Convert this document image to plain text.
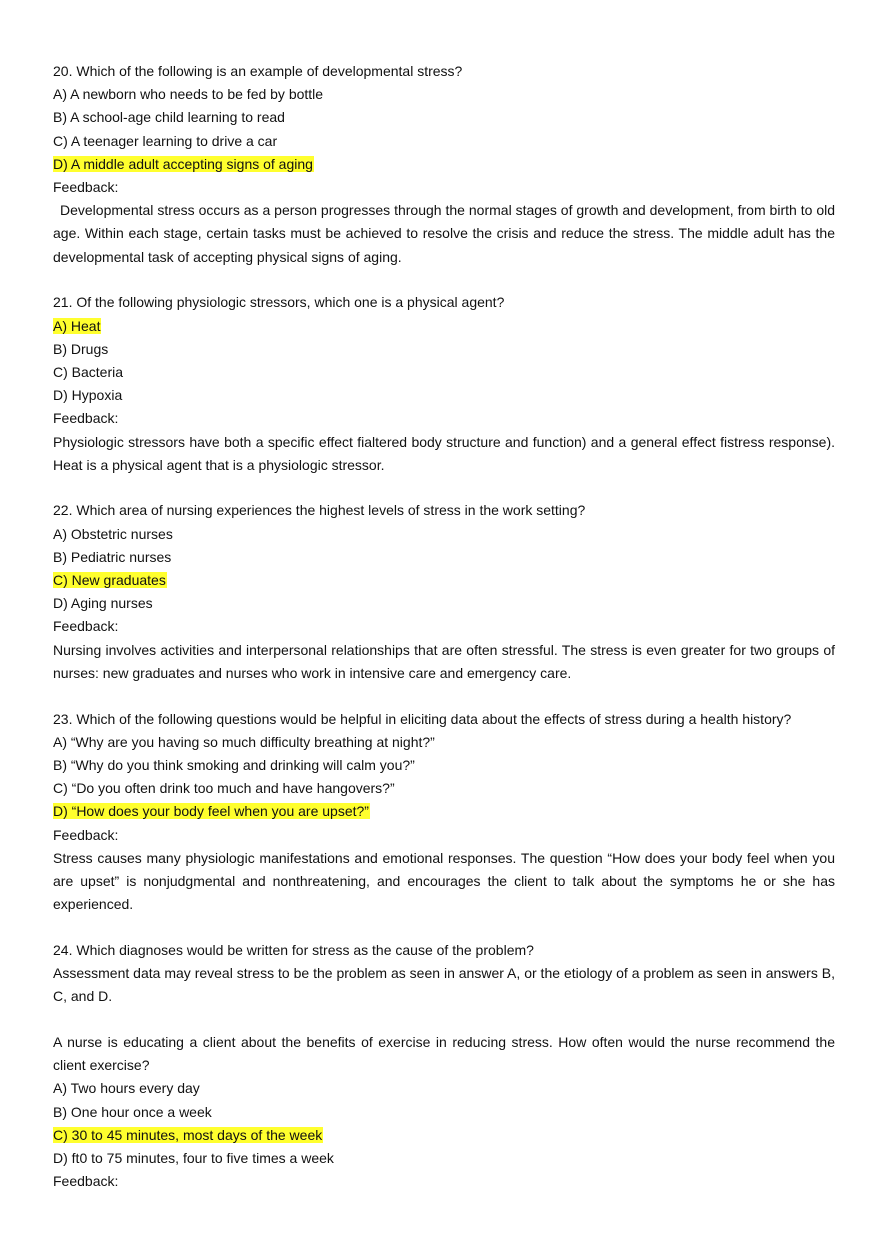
20. Which of the following is an example of developmental stress?
A) A newborn who needs to be fed by bottle
B) A school-age child learning to read
C) A teenager learning to drive a car
D) A middle adult accepting signs of aging
Feedback:

Developmental stress occurs as a person progresses through the normal stages of growth and development, from birth to old age. Within each stage, certain tasks must be achieved to resolve the crisis and reduce the stress. The middle adult has the developmental task of accepting physical signs of aging.

21. Of the following physiologic stressors, which one is a physical agent?
A) Heat
B) Drugs
C) Bacteria
D) Hypoxia
Feedback:

Physiologic stressors have both a specific effect fialtered body structure and function) and a general effect fistress response). Heat is a physical agent that is a physiologic stressor.

22. Which area of nursing experiences the highest levels of stress in the work setting?
A) Obstetric nurses
B) Pediatric nurses
C) New graduates
D) Aging nurses
Feedback:

Nursing involves activities and interpersonal relationships that are often stressful. The stress is even greater for two groups of nurses: new graduates and nurses who work in intensive care and emergency care.

23. Which of the following questions would be helpful in eliciting data about the effects of stress during a health history?
A) “Why are you having so much difficulty breathing at night?”
B) “Why do you think smoking and drinking will calm you?”
C) “Do you often drink too much and have hangovers?”
D) “How does your body feel when you are upset?”
Feedback:

Stress causes many physiologic manifestations and emotional responses. The question “How does your body feel when you are upset” is nonjudgmental and nonthreatening, and encourages the client to talk about the symptoms he or she has experienced.

24. Which diagnoses would be written for stress as the cause of the problem?

Assessment data may reveal stress to be the problem as seen in answer A, or the etiology of a problem as seen in answers B, C, and D.

A nurse is educating a client about the benefits of exercise in reducing stress. How often would the nurse recommend the client exercise?

A) Two hours every day
B) One hour once a week
C) 30 to 45 minutes, most days of the week
D) ft0 to 75 minutes, four to five times a week
Feedback:
